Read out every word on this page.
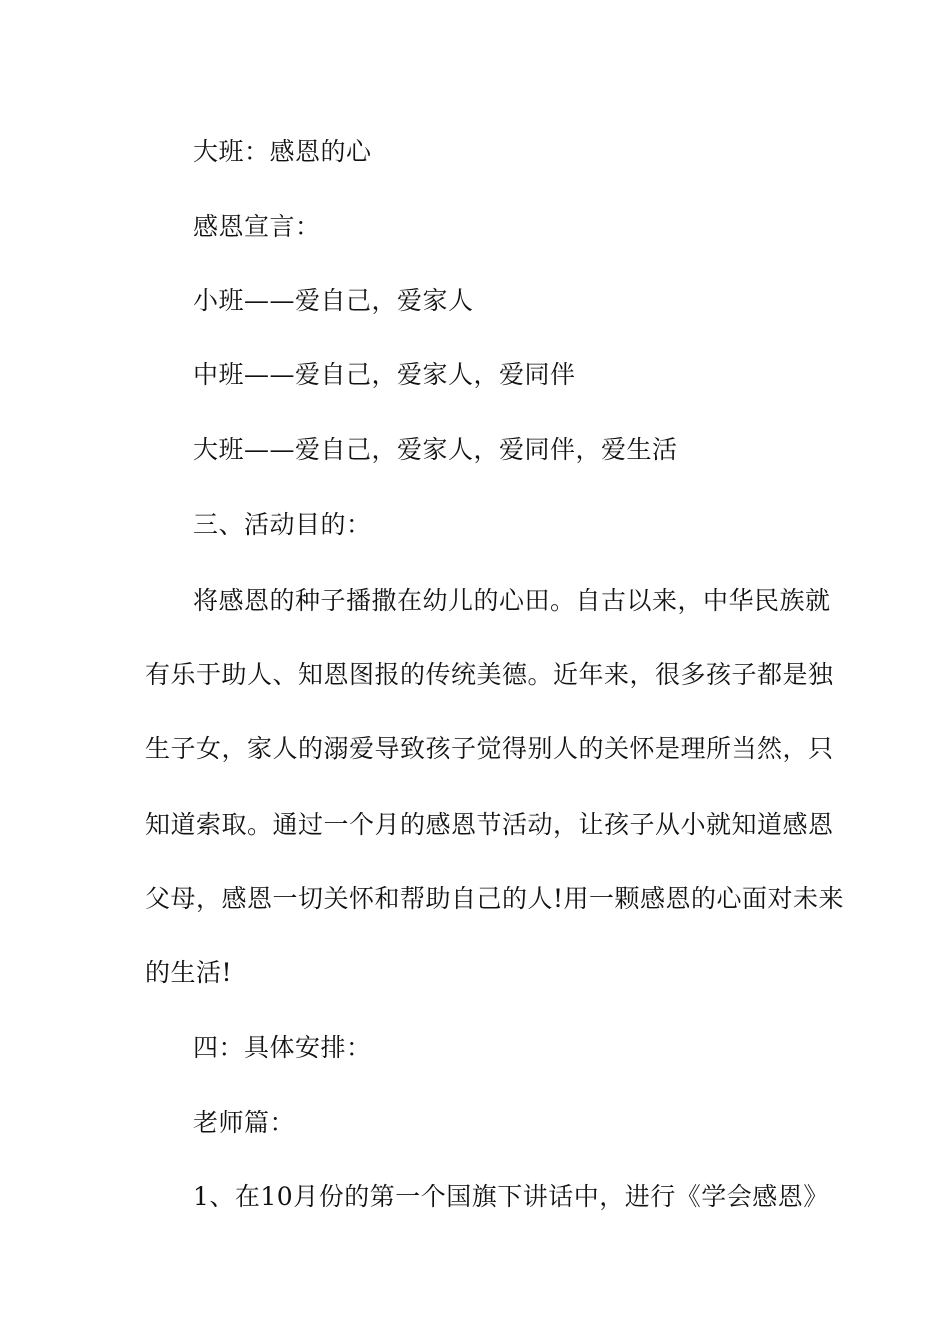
大班：感恩的心
感恩宣言：
小班——爱自己，爱家人
中班——爱自己，爱家人，爱同伴
大班——爱自己，爱家人，爱同伴，爱生活
三、活动目的：
将感恩的种子播撒在幼儿的心田。自古以来，中华民族就
有乐于助人、知恩图报的传统美德。近年来，很多孩子都是独
生子女，家人的溺爱导致孩子觉得别人的关怀是理所当然，只
知道索取。通过一个月的感恩节活动，让孩子从小就知道感恩
父母，感恩一切关怀和帮助自己的人!用一颗感恩的心面对未来
的生活!
四：具体安排：
老师篇：
1、在10月份的第一个国旗下讲话中，进行《学会感恩》
